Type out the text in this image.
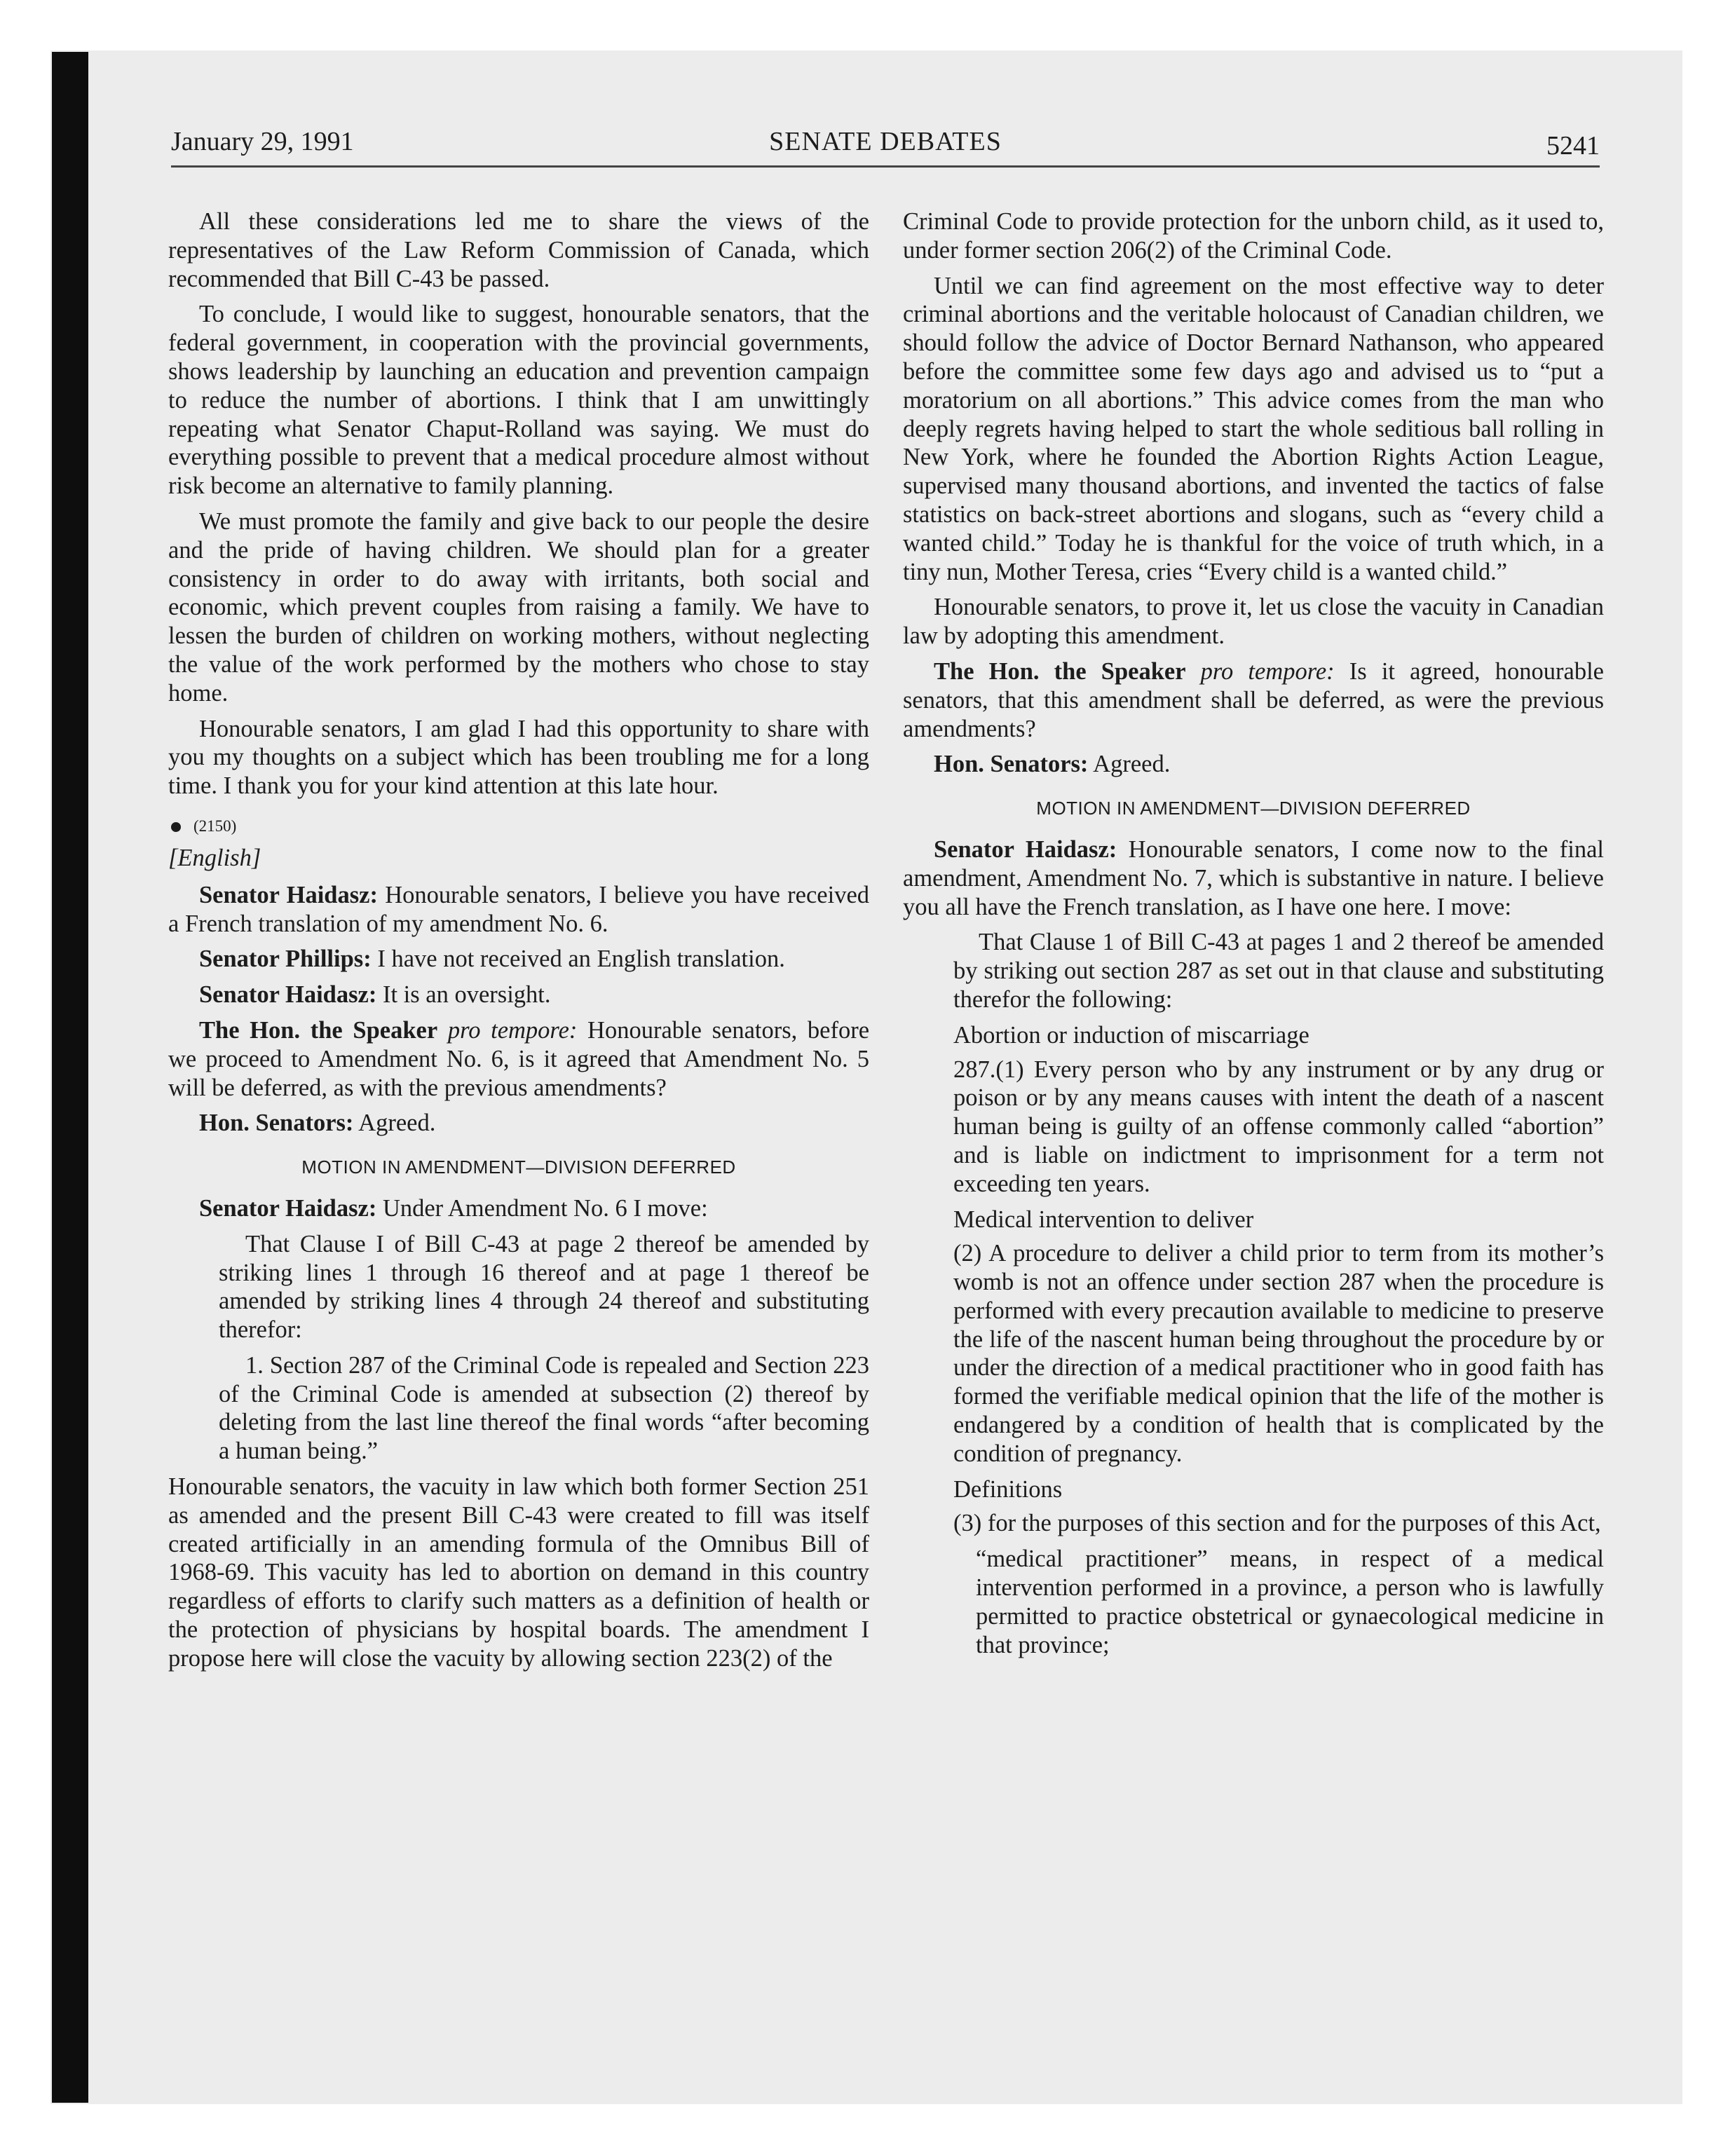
January 29, 1991	SENATE DEBATES	5241

All these considerations led me to share the views of the representatives of the Law Reform Commission of Canada, which recommended that Bill C-43 be passed.

To conclude, I would like to suggest, honourable senators, that the federal government, in cooperation with the provincial governments, shows leadership by launching an education and prevention campaign to reduce the number of abortions. I think that I am unwittingly repeating what Senator Chaput-Rolland was saying. We must do everything possible to prevent that a medical procedure almost without risk become an alternative to family planning.

We must promote the family and give back to our people the desire and the pride of having children. We should plan for a greater consistency in order to do away with irritants, both social and economic, which prevent couples from raising a family. We have to lessen the burden of children on working mothers, without neglecting the value of the work performed by the mothers who chose to stay home.

Honourable senators, I am glad I had this opportunity to share with you my thoughts on a subject which has been troubling me for a long time. I thank you for your kind attention at this late hour.

(2150)

[English]

Senator Haidasz: Honourable senators, I believe you have received a French translation of my amendment No. 6.

Senator Phillips: I have not received an English translation.

Senator Haidasz: It is an oversight.

The Hon. the Speaker pro tempore: Honourable senators, before we proceed to Amendment No. 6, is it agreed that Amendment No. 5 will be deferred, as with the previous amendments?

Hon. Senators: Agreed.

MOTION IN AMENDMENT—DIVISION DEFERRED

Senator Haidasz: Under Amendment No. 6 I move:

That Clause I of Bill C-43 at page 2 thereof be amended by striking lines 1 through 16 thereof and at page 1 thereof be amended by striking lines 4 through 24 thereof and substituting therefor:

1. Section 287 of the Criminal Code is repealed and Section 223 of the Criminal Code is amended at subsection (2) thereof by deleting from the last line thereof the final words “after becoming a human being.”

Honourable senators, the vacuity in law which both former Section 251 as amended and the present Bill C-43 were created to fill was itself created artificially in an amending formula of the Omnibus Bill of 1968-69. This vacuity has led to abortion on demand in this country regardless of efforts to clarify such matters as a definition of health or the protection of physicians by hospital boards. The amendment I propose here will close the vacuity by allowing section 223(2) of the

Criminal Code to provide protection for the unborn child, as it used to, under former section 206(2) of the Criminal Code.

Until we can find agreement on the most effective way to deter criminal abortions and the veritable holocaust of Canadian children, we should follow the advice of Doctor Bernard Nathanson, who appeared before the committee some few days ago and advised us to “put a moratorium on all abortions.” This advice comes from the man who deeply regrets having helped to start the whole seditious ball rolling in New York, where he founded the Abortion Rights Action League, supervised many thousand abortions, and invented the tactics of false statistics on back-street abortions and slogans, such as “every child a wanted child.” Today he is thankful for the voice of truth which, in a tiny nun, Mother Teresa, cries “Every child is a wanted child.”

Honourable senators, to prove it, let us close the vacuity in Canadian law by adopting this amendment.

The Hon. the Speaker pro tempore: Is it agreed, honourable senators, that this amendment shall be deferred, as were the previous amendments?

Hon. Senators: Agreed.

MOTION IN AMENDMENT—DIVISION DEFERRED

Senator Haidasz: Honourable senators, I come now to the final amendment, Amendment No. 7, which is substantive in nature. I believe you all have the French translation, as I have one here. I move:

That Clause 1 of Bill C-43 at pages 1 and 2 thereof be amended by striking out section 287 as set out in that clause and substituting therefor the following:

Abortion or induction of miscarriage

287.(1) Every person who by any instrument or by any drug or poison or by any means causes with intent the death of a nascent human being is guilty of an offense commonly called “abortion” and is liable on indictment to imprisonment for a term not exceeding ten years.

Medical intervention to deliver

(2) A procedure to deliver a child prior to term from its mother’s womb is not an offence under section 287 when the procedure is performed with every precaution available to medicine to preserve the life of the nascent human being throughout the procedure by or under the direction of a medical practitioner who in good faith has formed the verifiable medical opinion that the life of the mother is endangered by a condition of health that is complicated by the condition of pregnancy.

Definitions

(3) for the purposes of this section and for the purposes of this Act,

“medical practitioner” means, in respect of a medical intervention performed in a province, a person who is lawfully permitted to practice obstetrical or gynaecological medicine in that province;
